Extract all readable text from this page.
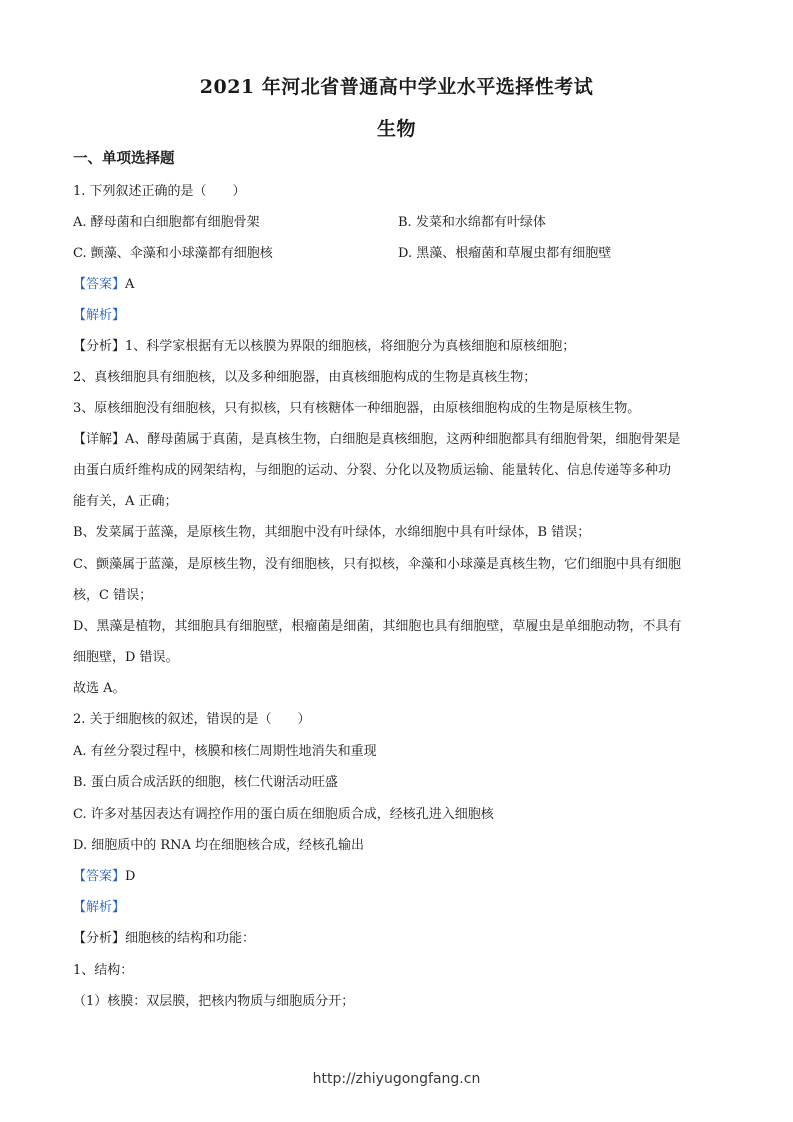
2021 年河北省普通高中学业水平选择性考试
生物
一、单项选择题
1. 下列叙述正确的是（　　）
A. 酵母菌和白细胞都有细胞骨架	B. 发菜和水绵都有叶绿体
C. 颤藻、伞藻和小球藻都有细胞核	D. 黑藻、根瘤菌和草履虫都有细胞壁
【答案】A
【解析】
【分析】1、科学家根据有无以核膜为界限的细胞核，将细胞分为真核细胞和原核细胞；
2、真核细胞具有细胞核，以及多种细胞器，由真核细胞构成的生物是真核生物；
3、原核细胞没有细胞核，只有拟核，只有核糖体一种细胞器，由原核细胞构成的生物是原核生物。
【详解】A、酵母菌属于真菌，是真核生物，白细胞是真核细胞，这两种细胞都具有细胞骨架，细胞骨架是
由蛋白质纤维构成的网架结构，与细胞的运动、分裂、分化以及物质运输、能量转化、信息传递等多种功
能有关，A 正确；
B、发菜属于蓝藻，是原核生物，其细胞中没有叶绿体，水绵细胞中具有叶绿体，B 错误；
C、颤藻属于蓝藻，是原核生物，没有细胞核，只有拟核，伞藻和小球藻是真核生物，它们细胞中具有细胞
核，C 错误；
D、黑藻是植物，其细胞具有细胞壁，根瘤菌是细菌，其细胞也具有细胞壁，草履虫是单细胞动物，不具有
细胞壁，D 错误。
故选 A。
2. 关于细胞核的叙述，错误的是（　　）
A. 有丝分裂过程中，核膜和核仁周期性地消失和重现
B. 蛋白质合成活跃的细胞，核仁代谢活动旺盛
C. 许多对基因表达有调控作用的蛋白质在细胞质合成，经核孔进入细胞核
D. 细胞质中的 RNA 均在细胞核合成，经核孔输出
【答案】D
【解析】
【分析】细胞核的结构和功能：
1、结构：
（1）核膜：双层膜，把核内物质与细胞质分开；
http://zhiyugongfang.cn
